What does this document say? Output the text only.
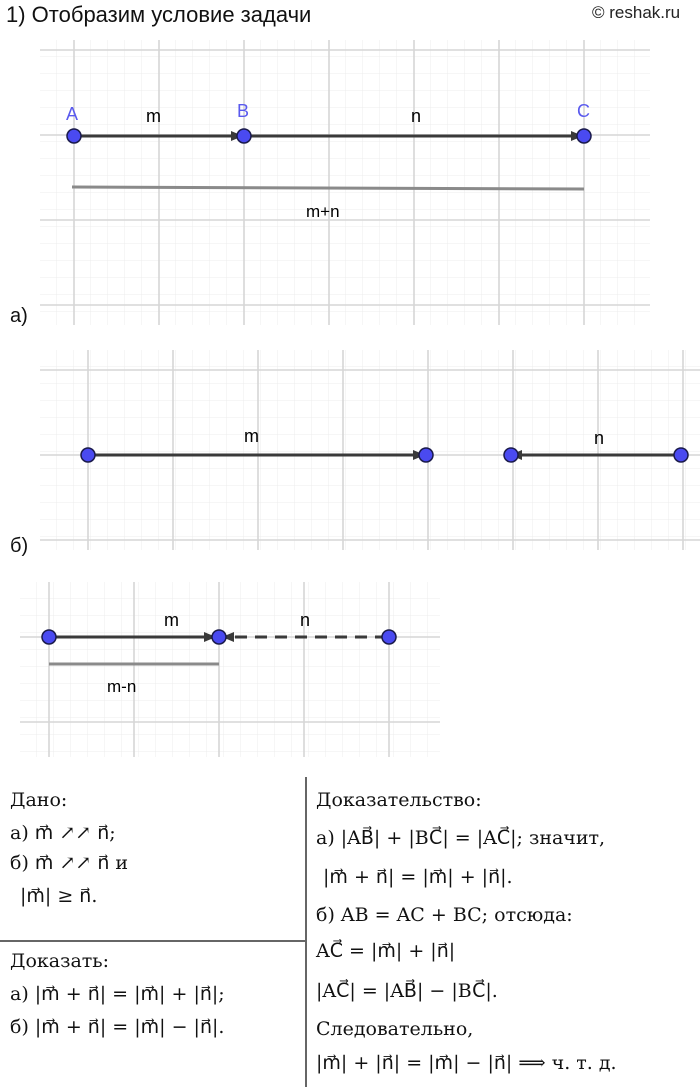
1) Отобразим условие задачи	© reshak.ru
A	B	C
m	n
m+n
а)
m	n
б)
m	n
m-n
Дано:
а) m⃗ ↗↗ n⃗;
б) m⃗ ↗↗ n⃗ и
|m⃗| ≥ n⃗.
Доказать:
а) |m⃗ + n⃗| = |m⃗| + |n⃗|;
б) |m⃗ + n⃗| = |m⃗| − |n⃗|.
Доказательство:
а) |AB⃗| + |BC⃗| = |AC⃗|; значит,
|m⃗ + n⃗| = |m⃗| + |n⃗|.
б) AB = AC + BC; отсюда:
AC⃗ = |m⃗| + |n⃗|
|AC⃗| = |AB⃗| − |BC⃗|.
Следовательно,
|m⃗| + |n⃗| = |m⃗| − |n⃗| ⟹ ч. т. д.
